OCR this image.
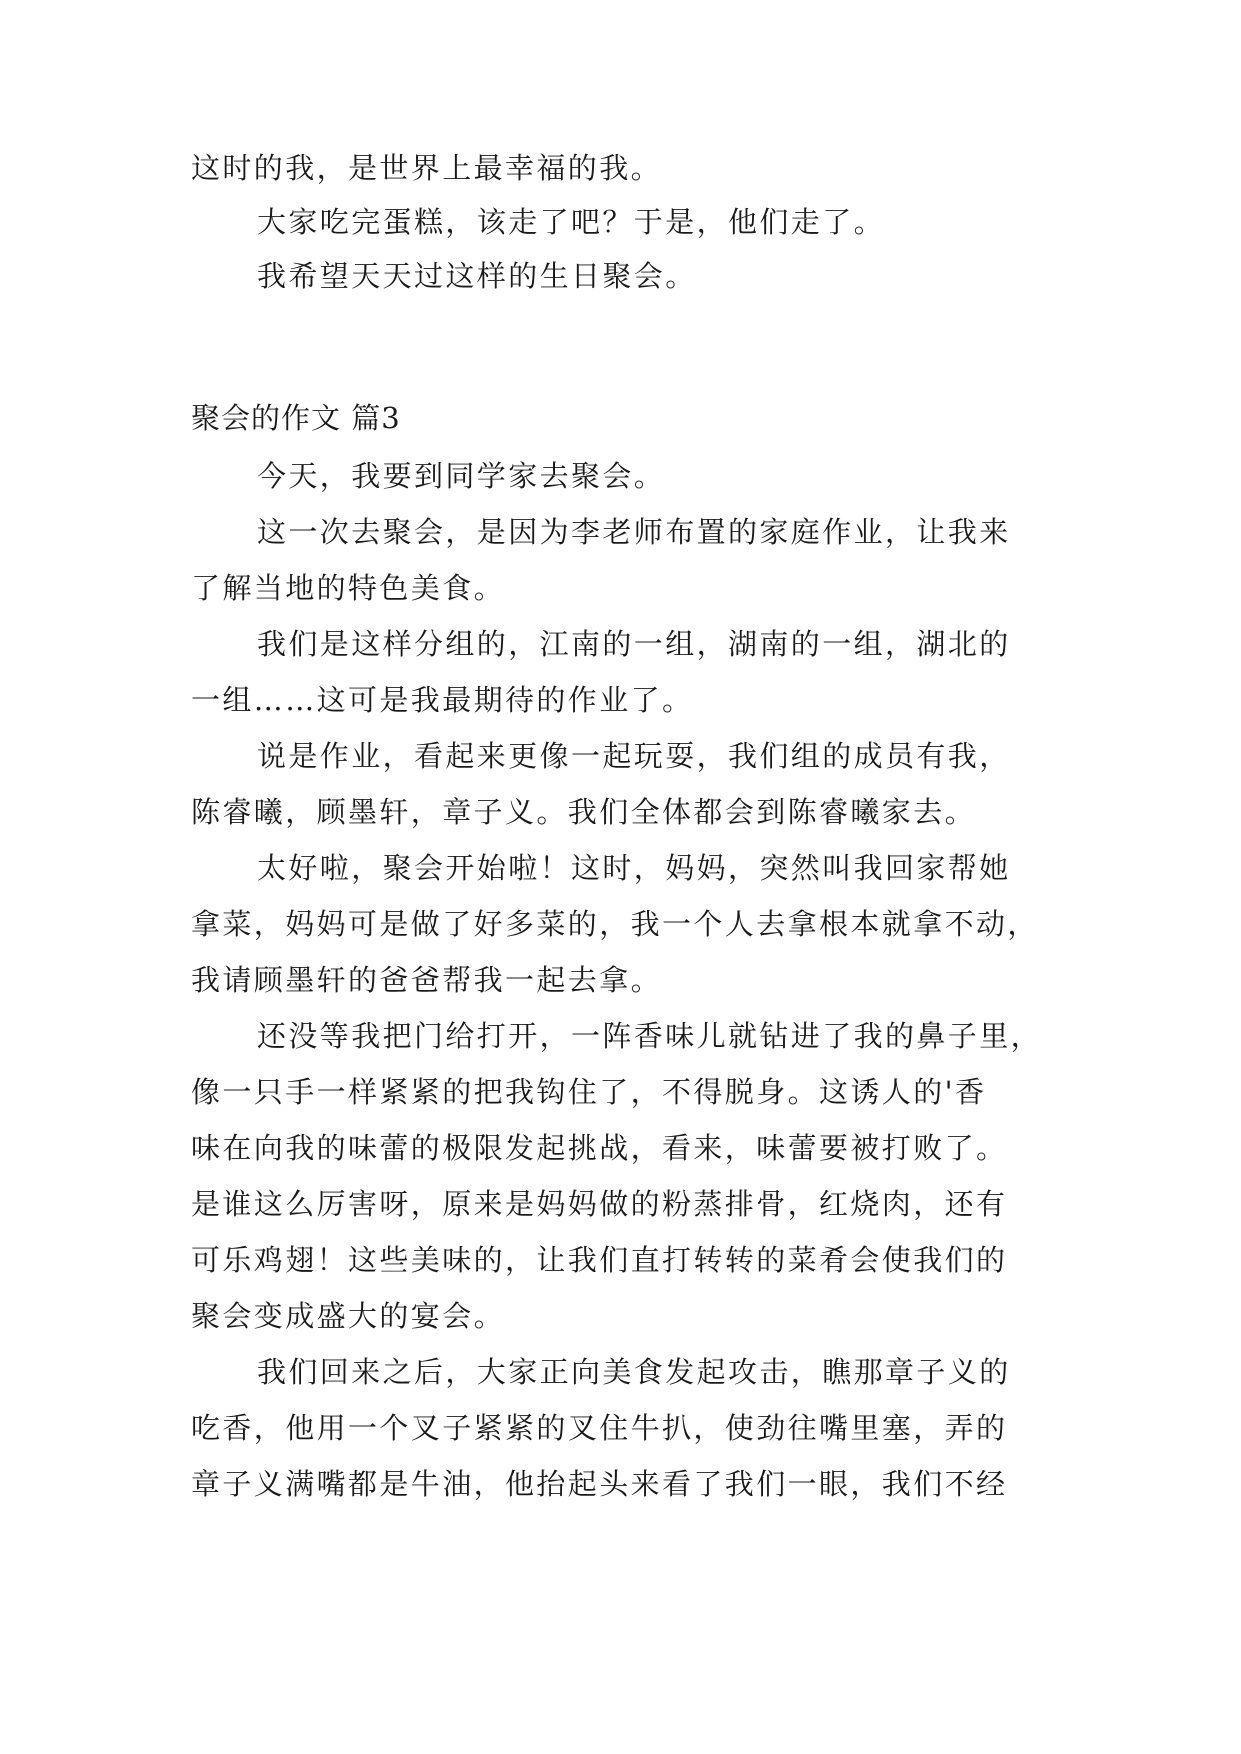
这时的我，是世界上最幸福的我。
大家吃完蛋糕，该走了吧？于是，他们走了。
我希望天天过这样的生日聚会。
聚会的作文 篇3
今天，我要到同学家去聚会。
这一次去聚会，是因为李老师布置的家庭作业，让我来
了解当地的特色美食。
我们是这样分组的，江南的一组，湖南的一组，湖北的
一组……这可是我最期待的作业了。
说是作业，看起来更像一起玩耍，我们组的成员有我，
陈睿曦，顾墨轩，章子义。我们全体都会到陈睿曦家去。
太好啦，聚会开始啦！这时，妈妈，突然叫我回家帮她
拿菜，妈妈可是做了好多菜的，我一个人去拿根本就拿不动，
我请顾墨轩的爸爸帮我一起去拿。
还没等我把门给打开，一阵香味儿就钻进了我的鼻子里，
像一只手一样紧紧的把我钩住了，不得脱身。这诱人的'香
味在向我的味蕾的极限发起挑战，看来，味蕾要被打败了。
是谁这么厉害呀，原来是妈妈做的粉蒸排骨，红烧肉，还有
可乐鸡翅！这些美味的，让我们直打转转的菜肴会使我们的
聚会变成盛大的宴会。
我们回来之后，大家正向美食发起攻击，瞧那章子义的
吃香，他用一个叉子紧紧的叉住牛扒，使劲往嘴里塞，弄的
章子义满嘴都是牛油，他抬起头来看了我们一眼，我们不经
